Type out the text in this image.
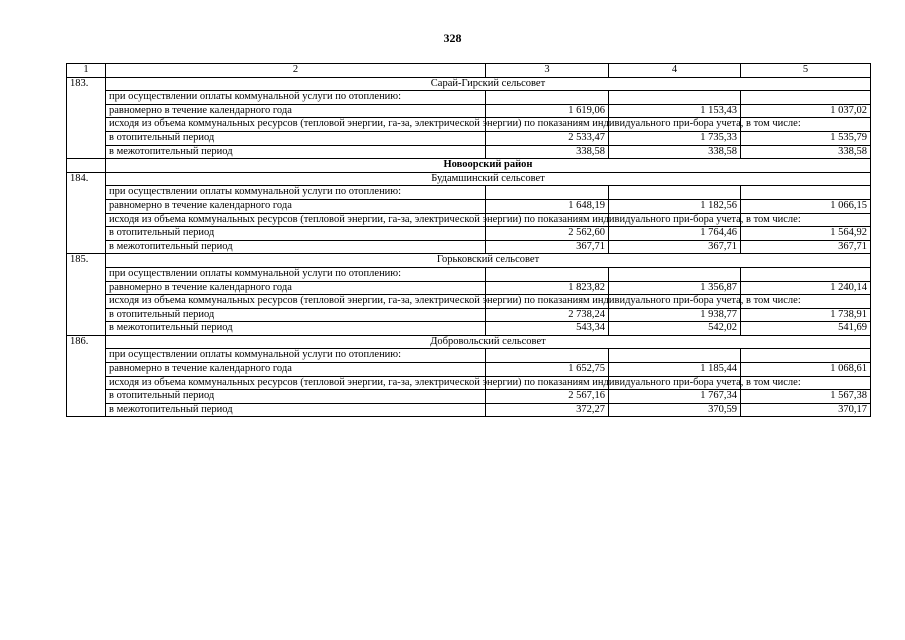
328
1	2	3	4	5
183.	Сарай-Гирский сельсовет			
	при осуществлении оплаты коммунальной услуги по отоплению:			
	равномерно в течение календарного года	1 619,06	1 153,43	1 037,02
	исходя из объема коммунальных ресурсов (тепловой энергии, га-за, электрической энергии) по показаниям индивидуального при-бора учета, в том числе:			
	в отопительный период	2 533,47	1 735,33	1 535,79
	в межотопительный период	338,58	338,58	338,58
	Новоорский район			
184.	Будамшинский сельсовет			
	при осуществлении оплаты коммунальной услуги по отоплению:			
	равномерно в течение календарного года	1 648,19	1 182,56	1 066,15
	исходя из объема коммунальных ресурсов (тепловой энергии, га-за, электрической энергии) по показаниям индивидуального при-бора учета, в том числе:			
	в отопительный период	2 562,60	1 764,46	1 564,92
	в межотопительный период	367,71	367,71	367,71
185.	Горьковский сельсовет			
	при осуществлении оплаты коммунальной услуги по отоплению:			
	равномерно в течение календарного года	1 823,82	1 356,87	1 240,14
	исходя из объема коммунальных ресурсов (тепловой энергии, га-за, электрической энергии) по показаниям индивидуального при-бора учета, в том числе:			
	в отопительный период	2 738,24	1 938,77	1 738,91
	в межотопительный период	543,34	542,02	541,69
186.	Добровольский сельсовет			
	при осуществлении оплаты коммунальной услуги по отоплению:			
	равномерно в течение календарного года	1 652,75	1 185,44	1 068,61
	исходя из объема коммунальных ресурсов (тепловой энергии, га-за, электрической энергии) по показаниям индивидуального при-бора учета, в том числе:			
	в отопительный период	2 567,16	1 767,34	1 567,38
	в межотопительный период	372,27	370,59	370,17
